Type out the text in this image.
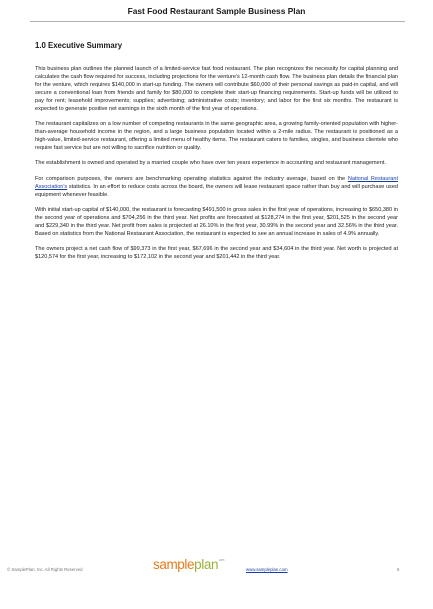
Fast Food Restaurant Sample Business Plan
1.0 Executive Summary

This business plan outlines the planned launch of a limited-service fast food restaurant. The plan recognizes the necessity for capital planning and calculates the cash flow required for success, including projections for the venture's 12-month cash flow. The business plan details the financial plan for the venture, which requires $140,000 in start-up funding. The owners will contribute $60,000 of their personal savings as paid-in capital, and will secure a conventional loan from friends and family for $80,000 to complete their start-up financing requirements. Start-up funds will be utilized to pay for rent; leasehold improvements; supplies; advertising; administrative costs; inventory; and labor for the first six months. The restaurant is expected to generate positive net earnings in the sixth month of the first year of operations.

The restaurant capitalizes on a low number of competing restaurants in the same geographic area, a growing family-oriented population with higher-than-average household income in the region, and a large business population located within a 2-mile radius. The restaurant is positioned as a high-value, limited-service restaurant, offering a limited menu of healthy items. The restaurant caters to families, singles, and business clientele who require fast service but are not willing to sacrifice nutrition or quality.

The establishment is owned and operated by a married couple who have over ten years experience in accounting and restaurant management.

For comparison purposes, the owners are benchmarking operating statistics against the industry average, based on the National Restaurant Association's statistics. In an effort to reduce costs across the board, the owners will lease restaurant space rather than buy and will purchase used equipment whenever feasible.

With initial start-up capital of $140,000, the restaurant is forecasting $491,500 in gross sales in the first year of operations, increasing to $650,380 in the second year of operations and $704,256 in the third year. Net profits are forecasted at $128,274 in the first year, $201,525 in the second year and $229,340 in the third year. Net profit from sales is projected at 26.10% in the first year, 30.99% in the second year and 32.56% in the third year. Based on statistics from the National Restaurant Association, the restaurant is expected to see an annual increase in sales of 4.9% annually.

The owners project a net cash flow of $99,373 in the first year, $67,696 in the second year and $34,604 in the third year. Net worth is projected at $120,574 for the first year, increasing to $172,102 in the second year and $201,442 in the third year.

© SamplePlan, Inc. All Rights Reserved	sampleplan .com
www.sampleplan.com	5
